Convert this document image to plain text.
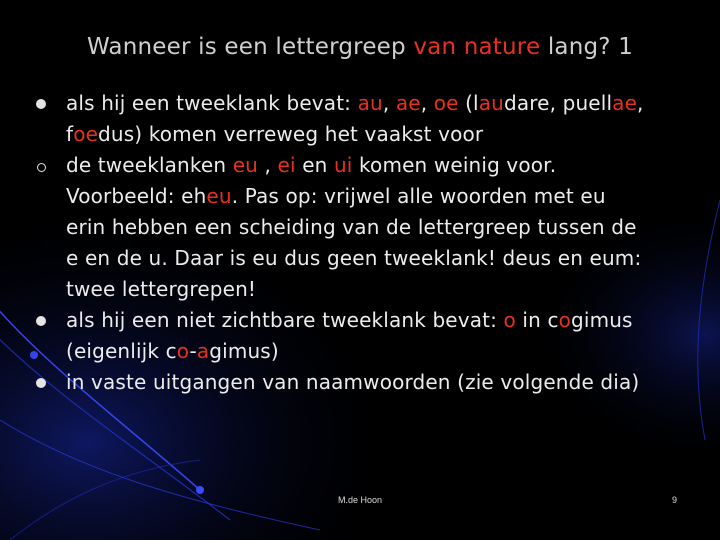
Wanneer is een lettergreep van nature lang? 1
als hij een tweeklank bevat: au, ae, oe (laudare, puellae,
foedus) komen verreweg het vaakst voor
de tweeklanken eu , ei en ui komen weinig voor.
Voorbeeld: eheu. Pas op: vrijwel alle woorden met eu
erin hebben een scheiding van de lettergreep tussen de
e en de u. Daar is eu dus geen tweeklank! deus en eum:
twee lettergrepen!
als hij een niet zichtbare tweeklank bevat: o in cogimus
(eigenlijk co-agimus)
in vaste uitgangen van naamwoorden (zie volgende dia)
M.de Hoon	9
